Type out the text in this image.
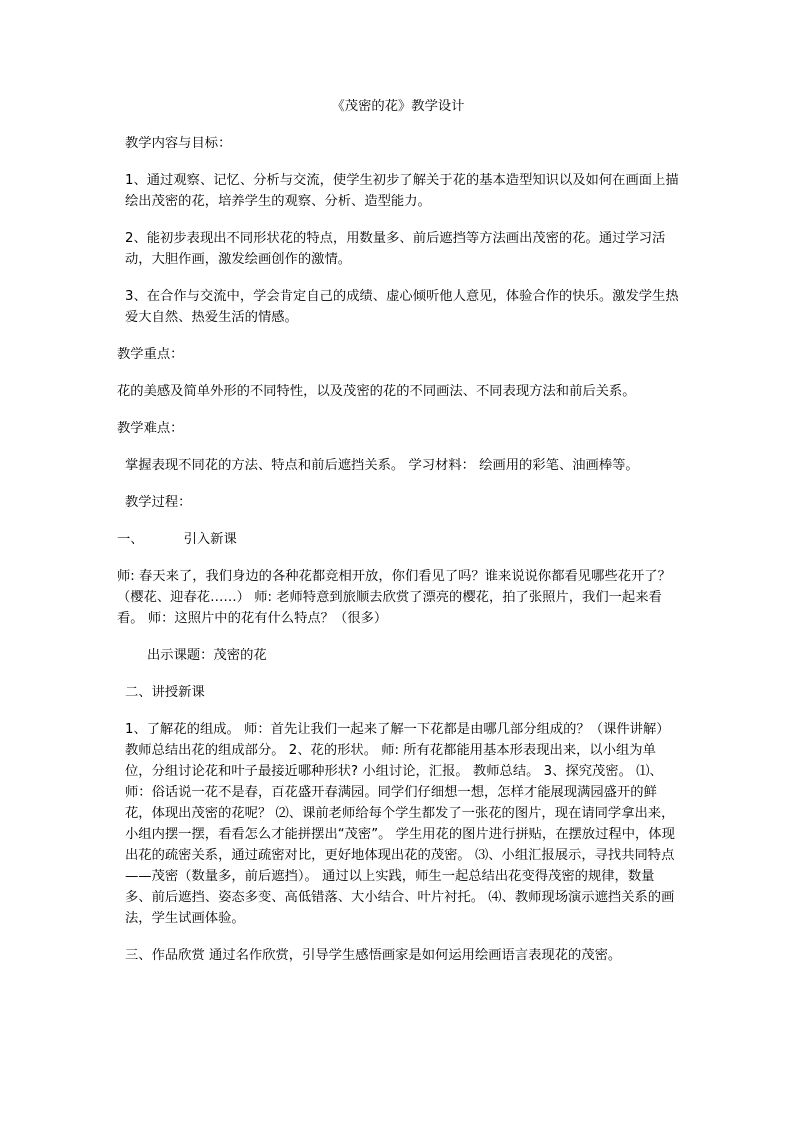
《茂密的花》教学设计
教学内容与目标：
1、通过观察、记忆、分析与交流，使学生初步了解关于花的基本造型知识以及如何在画面上描绘出茂密的花，培养学生的观察、分析、造型能力。
2、能初步表现出不同形状花的特点，用数量多、前后遮挡等方法画出茂密的花。通过学习活动，大胆作画，激发绘画创作的激情。
3、在合作与交流中，学会肯定自己的成绩、虚心倾听他人意见，体验合作的快乐。激发学生热爱大自然、热爱生活的情感。
教学重点：
花的美感及简单外形的不同特性，以及茂密的花的不同画法、不同表现方法和前后关系。
教学难点：
掌握表现不同花的方法、特点和前后遮挡关系。 学习材料： 绘画用的彩笔、油画棒等。
教学过程：
一、	引入新课
师: 春天来了，我们身边的各种花都竞相开放，你们看见了吗？谁来说说你都看见哪些花开了？（樱花、迎春花……） 师: 老师特意到旅顺去欣赏了漂亮的樱花，拍了张照片，我们一起来看看。 师：这照片中的花有什么特点？（很多）
出示课题：茂密的花
二、讲授新课
1、了解花的组成。 师：首先让我们一起来了解一下花都是由哪几部分组成的？（课件讲解） 教师总结出花的组成部分。 2、花的形状。 师: 所有花都能用基本形表现出来，以小组为单位，分组讨论花和叶子最接近哪种形状? 小组讨论，汇报。 教师总结。 3、探究茂密。 ⑴、师：俗话说一花不是春，百花盛开春满园。同学们仔细想一想，怎样才能展现满园盛开的鲜花，体现出茂密的花呢？ ⑵、课前老师给每个学生都发了一张花的图片，现在请同学拿出来，小组内摆一摆，看看怎么才能拼摆出“茂密”。 学生用花的图片进行拼贴，在摆放过程中，体现出花的疏密关系，通过疏密对比，更好地体现出花的茂密。 ⑶、小组汇报展示，寻找共同特点——茂密（数量多，前后遮挡）。 通过以上实践，师生一起总结出花变得茂密的规律，数量多、前后遮挡、姿态多变、高低错落、大小结合、叶片衬托。 ⑷、教师现场演示遮挡关系的画法，学生试画体验。
三、作品欣赏 通过名作欣赏，引导学生感悟画家是如何运用绘画语言表现花的茂密。
